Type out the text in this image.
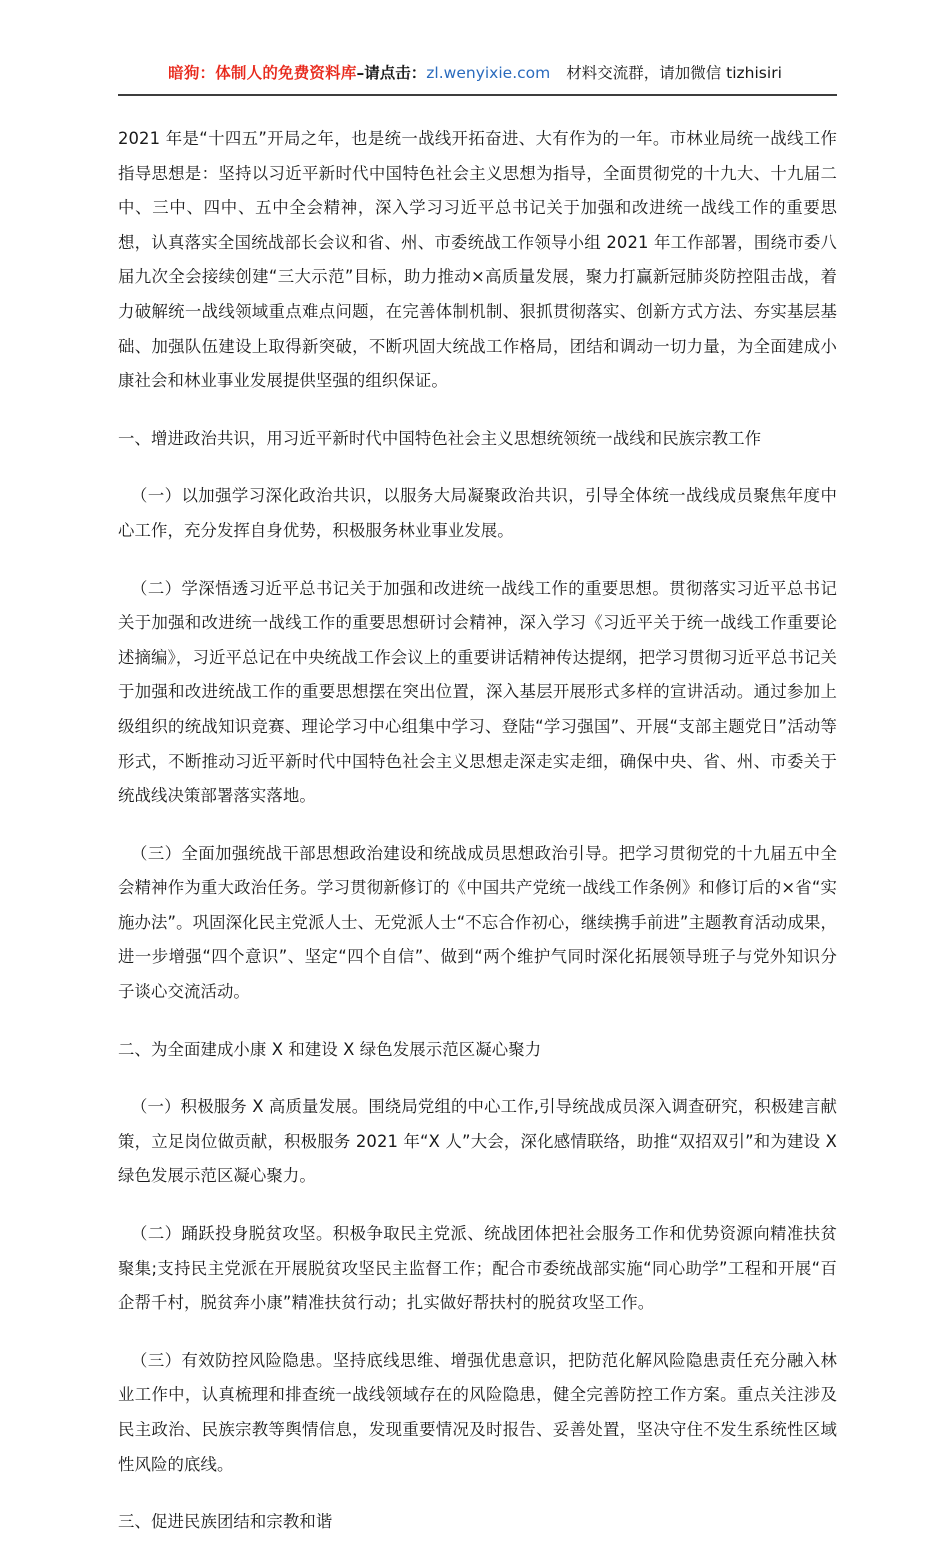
暗狗：体制人的免费资料库–请点击：zl.wenyixie.com 材料交流群，请加微信 tizhisiri

2021 年是“十四五”开局之年，也是统一战线开拓奋进、大有作为的一年。市林业局统一战线工作指导思想是：坚持以习近平新时代中国特色社会主义思想为指导，全面贯彻党的十九大、十九届二中、三中、四中、五中全会精神，深入学习习近平总书记关于加强和改进统一战线工作的重要思想，认真落实全国统战部长会议和省、州、市委统战工作领导小组 2021 年工作部署，围绕市委八届九次全会接续创建“三大示范”目标，助力推动×高质量发展，聚力打赢新冠肺炎防控阻击战，着力破解统一战线领域重点难点问题，在完善体制机制、狠抓贯彻落实、创新方式方法、夯实基层基础、加强队伍建设上取得新突破，不断巩固大统战工作格局，团结和调动一切力量，为全面建成小康社会和林业事业发展提供坚强的组织保证。

一、增进政治共识，用习近平新时代中国特色社会主义思想统领统一战线和民族宗教工作

（一）以加强学习深化政治共识，以服务大局凝聚政治共识，引导全体统一战线成员聚焦年度中心工作，充分发挥自身优势，积极服务林业事业发展。

（二）学深悟透习近平总书记关于加强和改进统一战线工作的重要思想。贯彻落实习近平总书记关于加强和改进统一战线工作的重要思想研讨会精神，深入学习《习近平关于统一战线工作重要论述摘编》，习近平总记在中央统战工作会议上的重要讲话精神传达提纲，把学习贯彻习近平总书记关于加强和改进统战工作的重要思想摆在突出位置，深入基层开展形式多样的宣讲活动。通过参加上级组织的统战知识竞赛、理论学习中心组集中学习、登陆“学习强国”、开展“支部主题党日”活动等形式，不断推动习近平新时代中国特色社会主义思想走深走实走细，确保中央、省、州、市委关于统战线决策部署落实落地。

（三）全面加强统战干部思想政治建设和统战成员思想政治引导。把学习贯彻党的十九届五中全会精神作为重大政治任务。学习贯彻新修订的《中国共产党统一战线工作条例》和修订后的×省“实施办法”。巩固深化民主党派人士、无党派人士“不忘合作初心，继续携手前进”主题教育活动成果，进一步增强“四个意识”、坚定“四个自信”、做到“两个维护气同时深化拓展领导班子与党外知识分子谈心交流活动。

二、为全面建成小康 X 和建设 X 绿色发展示范区凝心聚力

（一）积极服务 X 高质量发展。围绕局党组的中心工作,引导统战成员深入调查研究，积极建言献策，立足岗位做贡献，积极服务 2021 年“X 人”大会，深化感情联络，助推“双招双引”和为建设 X 绿色发展示范区凝心聚力。

（二）踊跃投身脱贫攻坚。积极争取民主党派、统战团体把社会服务工作和优势资源向精准扶贫聚集;支持民主党派在开展脱贫攻坚民主监督工作；配合市委统战部实施“同心助学”工程和开展“百企帮千村，脱贫奔小康”精准扶贫行动；扎实做好帮扶村的脱贫攻坚工作。

（三）有效防控风险隐患。坚持底线思维、增强优患意识，把防范化解风险隐患责任充分融入林业工作中，认真梳理和排查统一战线领域存在的风险隐患，健全完善防控工作方案。重点关注涉及民主政治、民族宗教等舆情信息，发现重要情况及时报告、妥善处置，坚决守住不发生系统性区域性风险的底线。

三、促进民族团结和宗教和谐
